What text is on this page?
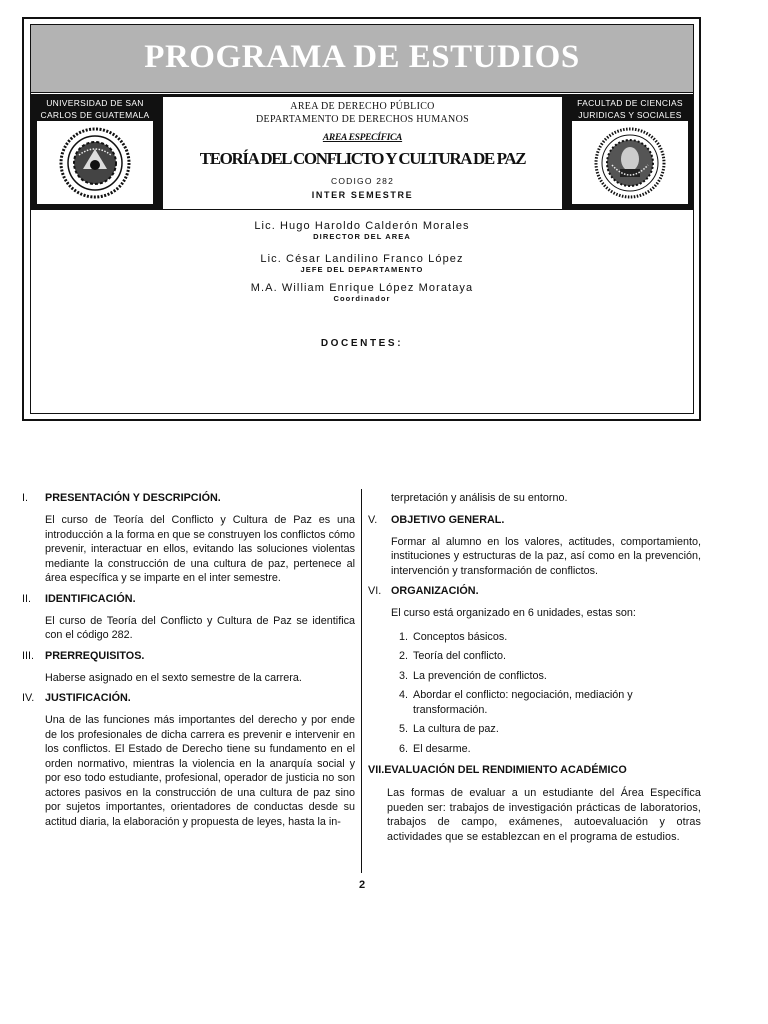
PROGRAMA DE ESTUDIOS
UNIVERSIDAD DE SAN
CARLOS DE GUATEMALA
AREA DE DERECHO PÚBLICO
DEPARTAMENTO DE DERECHOS HUMANOS
AREA ESPECÍFICA
TEORÍA DEL CONFLICTO Y CULTURA DE PAZ
CODIGO 282
INTER SEMESTRE
FACULTAD DE CIENCIAS
JURIDICAS Y SOCIALES
Lic. Hugo Haroldo Calderón Morales
DIRECTOR DEL AREA
Lic. César Landilino Franco López
JEFE DEL DEPARTAMENTO
M.A. William Enrique López Morataya
Coordinador
DOCENTES:
I. PRESENTACIÓN Y DESCRIPCIÓN.

El curso de Teoría del Conflicto y Cultura de Paz es una introducción a la forma en que se construyen los conflictos cómo prevenir, interactuar en ellos, evitando las soluciones violentas mediante la construcción de una cultura de paz, pertenece al área específica y se imparte en el inter semestre.

II. IDENTIFICACIÓN.

El curso de Teoría del Conflicto y Cultura de Paz se identifica con el código 282.

III. PRERREQUISITOS.

Haberse asignado en el sexto semestre de la carrera.

IV. JUSTIFICACIÓN.

Una de las funciones más importantes del derecho y por ende de los profesionales de dicha carrera es prevenir e intervenir en los conflictos. El Estado de Derecho tiene su fundamento en el orden normativo, mientras la violencia en la anarquía social y por eso todo estudiante, profesional, operador de justicia no son actores pasivos en la construcción de una cultura de paz sino por sujetos importantes, orientadores de conductas desde su actitud diaria, la elaboración y propuesta de leyes, hasta la in-

terpretación y análisis de su entorno.

V. OBJETIVO GENERAL.

Formar al alumno en los valores, actitudes, comportamiento, instituciones y estructuras de la paz, así como en la prevención, intervención y transformación de conflictos.

VI. ORGANIZACIÓN.

El curso está organizado en 6 unidades, estas son:

1. Conceptos básicos.
2. Teoría del conflicto.
3. La prevención de conflictos.
4. Abordar el conflicto: negociación, mediación y transformación.
5. La cultura de paz.
6. El desarme.
VII.EVALUACIÓN DEL RENDIMIENTO ACADÉMICO

Las formas de evaluar a un estudiante del Área Específica pueden ser: trabajos de investigación prácticas de laboratorios, trabajos de campo, exámenes, autoevaluación y otras actividades que se establezcan en el programa de estudios.

2
